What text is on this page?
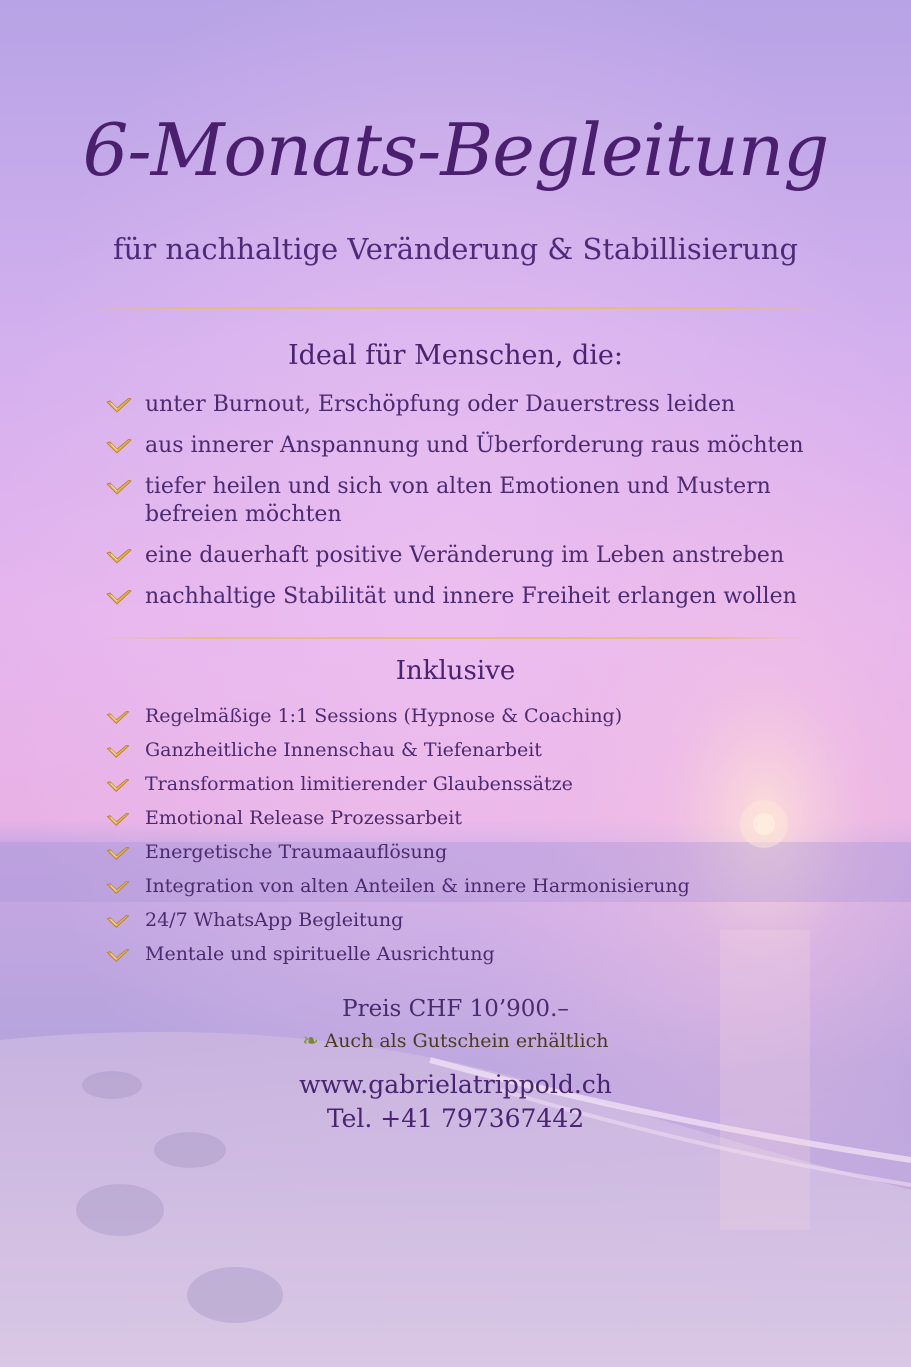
6-Monats-Begleitung
für nachhaltige Veränderung & Stabillisierung
Ideal für Menschen, die:
unter Burnout, Erschöpfung oder Dauerstress leiden
aus innerer Anspannung und Überforderung raus möchten
tiefer heilen und sich von alten Emotionen und Mustern befreien möchten
eine dauerhaft positive Veränderung im Leben anstreben
nachhaltige Stabilität und innere Freiheit erlangen wollen
Inklusive
Regelmäßige 1:1 Sessions (Hypnose & Coaching)
Ganzheitliche Innenschau & Tiefenarbeit
Transformation limitierender Glaubenssätze
Emotional Release Prozessarbeit
Energetische Traumaauflösung
Integration von alten Anteilen & innere Harmonisierung
24/7 WhatsApp Begleitung
Mentale und spirituelle Ausrichtung
Preis CHF 10’900.–
❧ Auch als Gutschein erhältlich
www.gabrielatrippold.ch
Tel. +41 797367442
